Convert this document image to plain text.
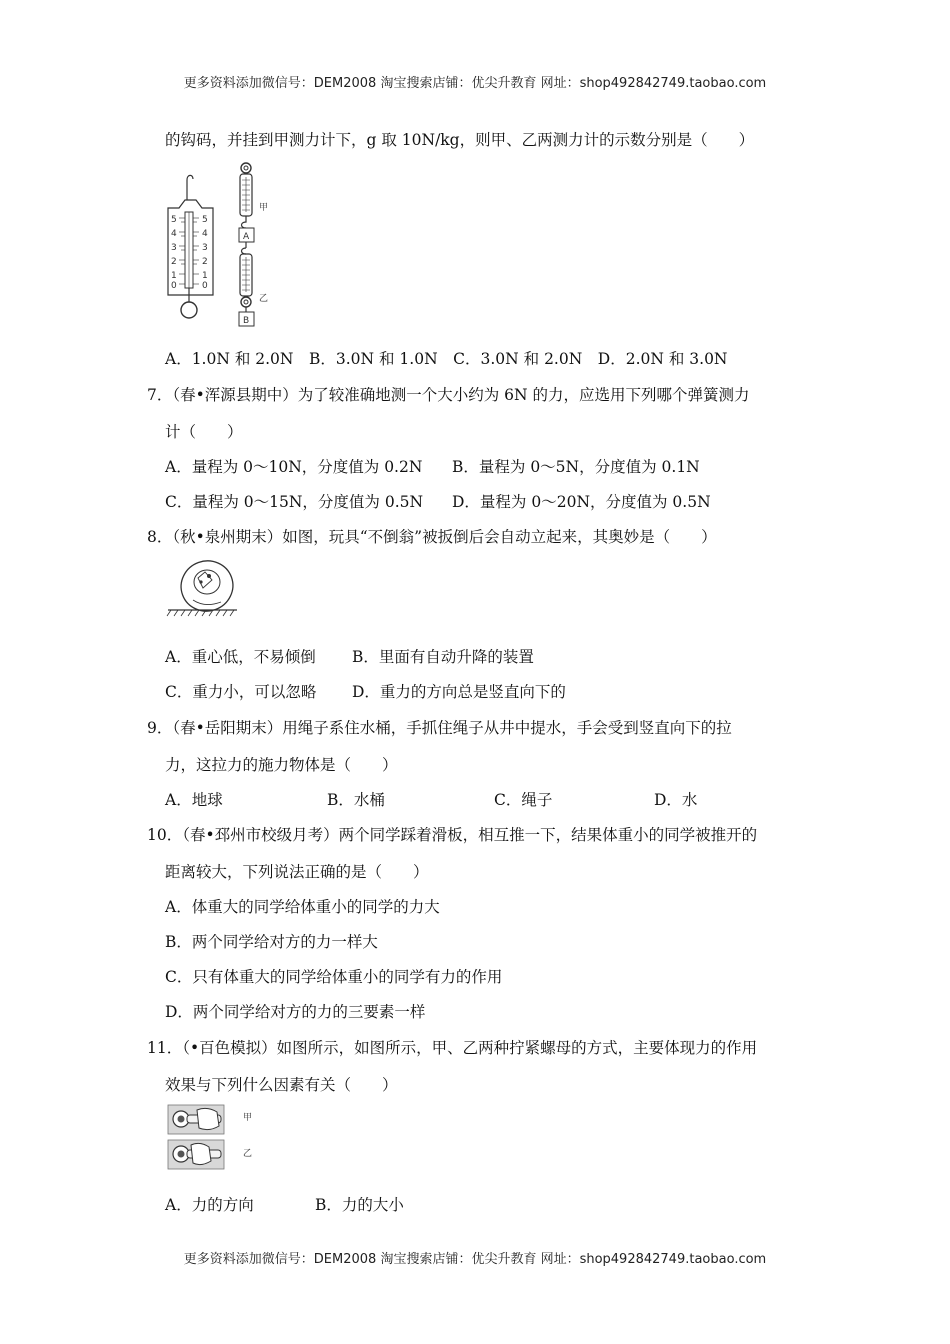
更多资料添加微信号：DEM2008 淘宝搜索店铺：优尖升教育 网址：shop492842749.taobao.com
的钩码，并挂到甲测力计下，g 取 10N/kg，则甲、乙两测力计的示数分别是（　　）
5
4
3
2
1
0
5
4
3
2
1
0
甲
A
乙
B
A．1.0N 和 2.0N　B．3.0N 和 1.0N　C．3.0N 和 2.0N　D．2.0N 和 3.0N
7．（春•浑源县期中）为了较准确地测一个大小约为 6N 的力，应选用下列哪个弹簧测力
计（　　）
A．量程为 0～10N，分度值为 0.2N B．量程为 0～5N，分度值为 0.1N
C．量程为 0～15N，分度值为 0.5N D．量程为 0～20N，分度值为 0.5N
8．（秋•泉州期末）如图，玩具“不倒翁”被扳倒后会自动立起来，其奥妙是（　　）
A．重心低，不易倾倒 B．里面有自动升降的装置
C．重力小，可以忽略 D．重力的方向总是竖直向下的
9．（春•岳阳期末）用绳子系住水桶，手抓住绳子从井中提水，手会受到竖直向下的拉
力，这拉力的施力物体是（　　）
A．地球	B．水桶	C．绳子	D．水
10．（春•邳州市校级月考）两个同学踩着滑板，相互推一下，结果体重小的同学被推开的
距离较大，下列说法正确的是（　　）
A．体重大的同学给体重小的同学的力大
B．两个同学给对方的力一样大
C．只有体重大的同学给体重小的同学有力的作用
D．两个同学给对方的力的三要素一样
11．（•百色模拟）如图所示，如图所示，甲、乙两种拧紧螺母的方式，主要体现力的作用
效果与下列什么因素有关（　　）
甲
乙
A．力的方向	B．力的大小
更多资料添加微信号：DEM2008 淘宝搜索店铺：优尖升教育 网址：shop492842749.taobao.com
